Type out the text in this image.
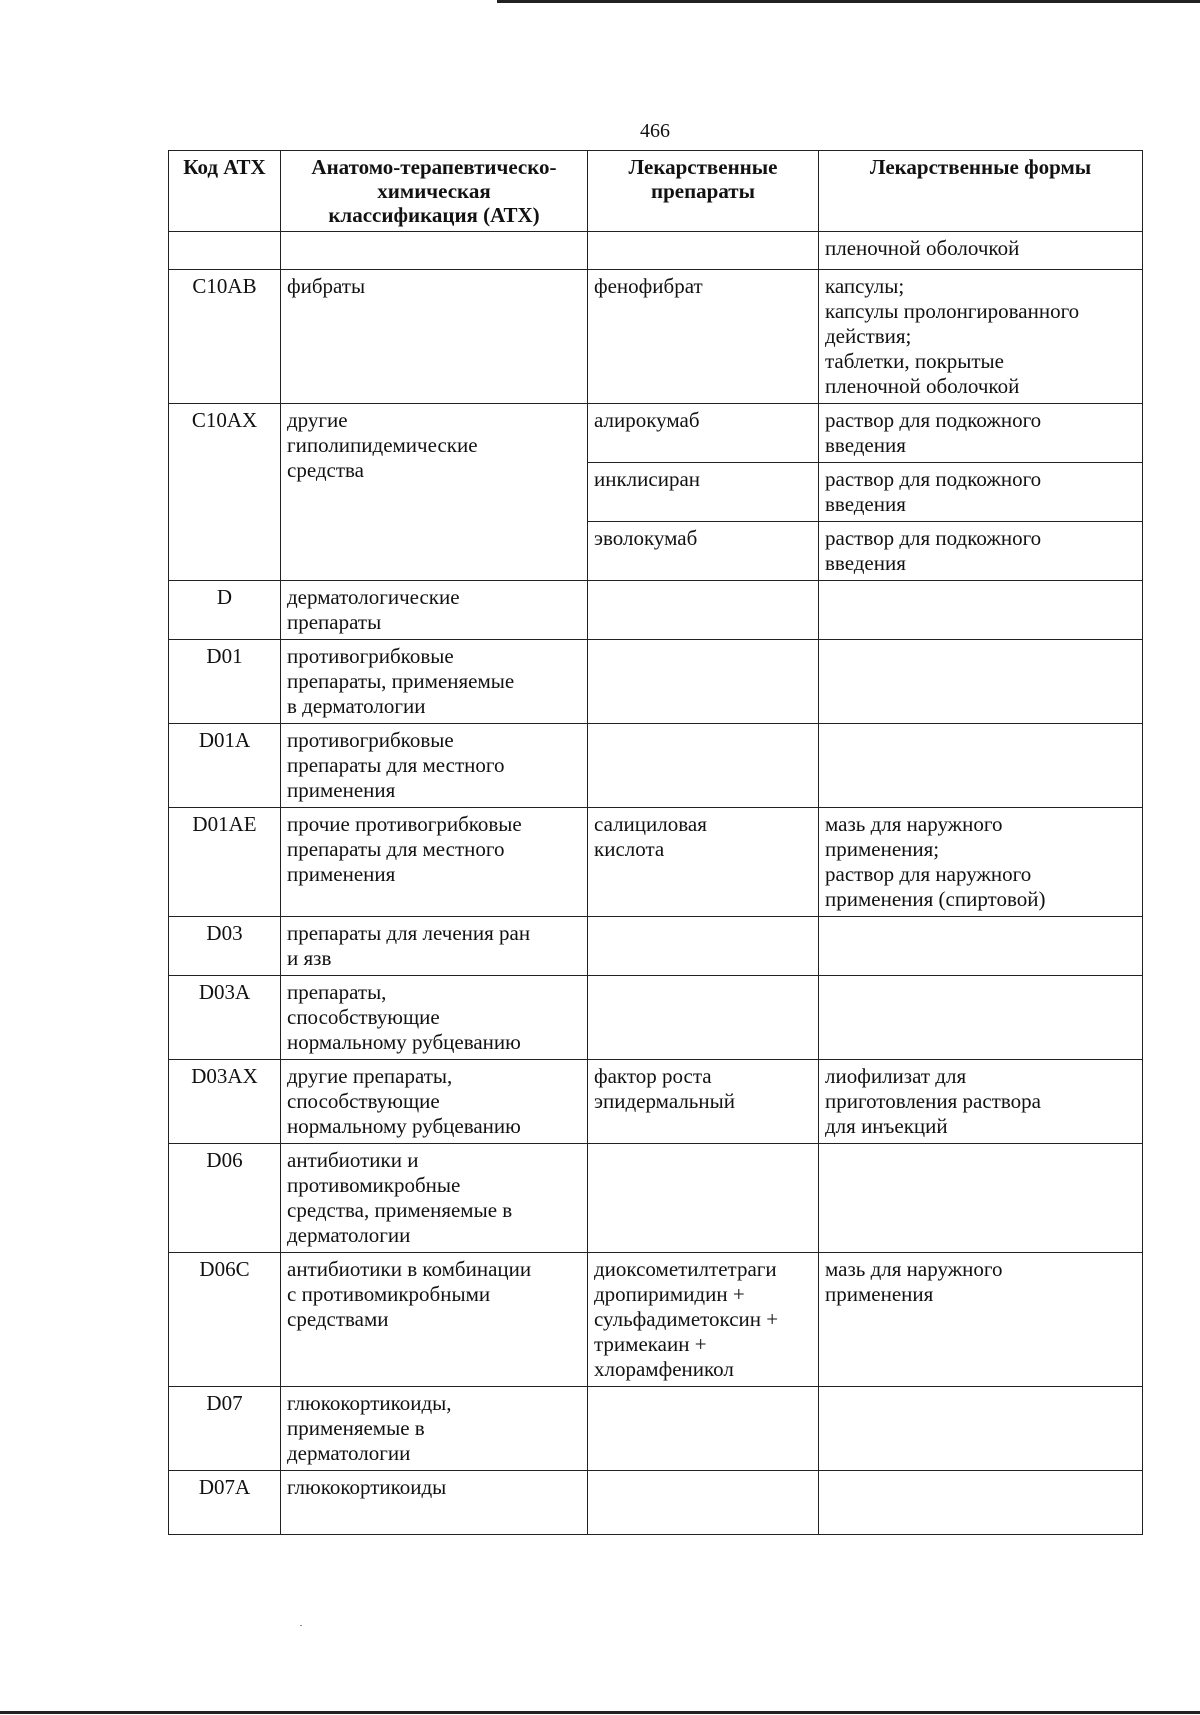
466
Код АТХ	Анатомо-терапевтическо-
химическая
классификация (АТХ)	Лекарственные
препараты	Лекарственные формы

			пленочной оболочкой

C10AB	фибраты	фенофибрат	капсулы;
капсулы пролонгированного
действия;
таблетки, покрытые
пленочной оболочкой

C10AX	другие
гиполипидемические
средства	алирокумаб	раствор для подкожного
введения

		инклисиран	раствор для подкожного
введения

		эволокумаб	раствор для подкожного
введения

D	дерматологические
препараты		

D01	противогрибковые
препараты, применяемые
в дерматологии		

D01A	противогрибковые
препараты для местного
применения		

D01AE	прочие противогрибковые
препараты для местного
применения	салициловая
кислота	мазь для наружного
применения;
раствор для наружного
применения (спиртовой)

D03	препараты для лечения ран
и язв		

D03A	препараты,
способствующие
нормальному рубцеванию		

D03AX	другие препараты,
способствующие
нормальному рубцеванию	фактор роста
эпидермальный	лиофилизат для
приготовления раствора
для инъекций

D06	антибиотики и
противомикробные
средства, применяемые в
дерматологии		

D06C	антибиотики в комбинации
с противомикробными
средствами	диоксометилтетраги
дропиримидин +
сульфадиметоксин +
тримекаин +
хлорамфеникол	мазь для наружного
применения

D07	глюкокортикоиды,
применяемые в
дерматологии		

D07A	глюкокортикоиды		
